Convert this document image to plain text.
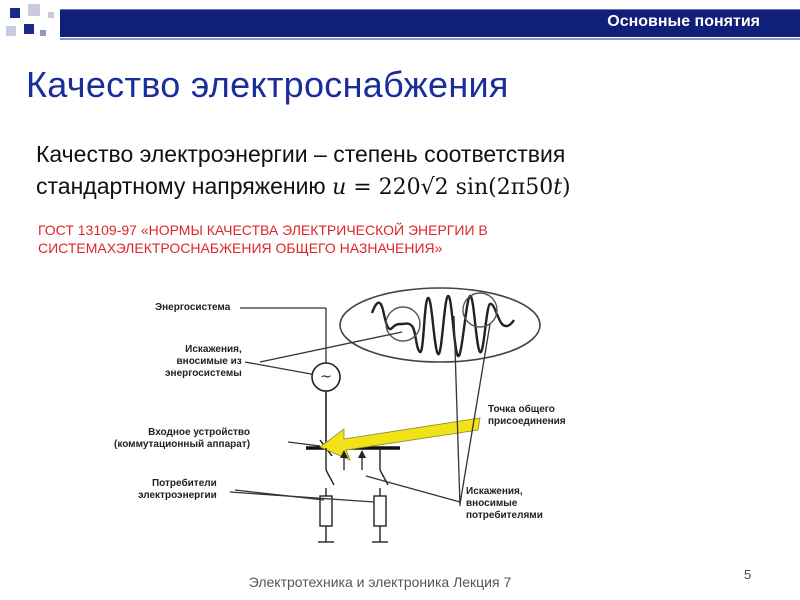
Основные понятия
Качество электроснабжения
Качество электроэнергии – степень соответствия
стандартному напряжению u = 220√2 sin(2π50t)
ГОСТ 13109-97 «НОРМЫ КАЧЕСТВА ЭЛЕКТРИЧЕСКОЙ ЭНЕРГИИ В
СИСТЕМАХЭЛЕКТРОСНАБЖЕНИЯ ОБЩЕГО НАЗНАЧЕНИЯ»
~
Энергосистема
Искажения,
вносимые из
энергосистемы
Входное устройство
(коммутационный аппарат)
Потребители
электроэнергии
Точка общего
присоединения
Искажения,
вносимые
потребителями
Электротехника и электроника Лекция 7	5
